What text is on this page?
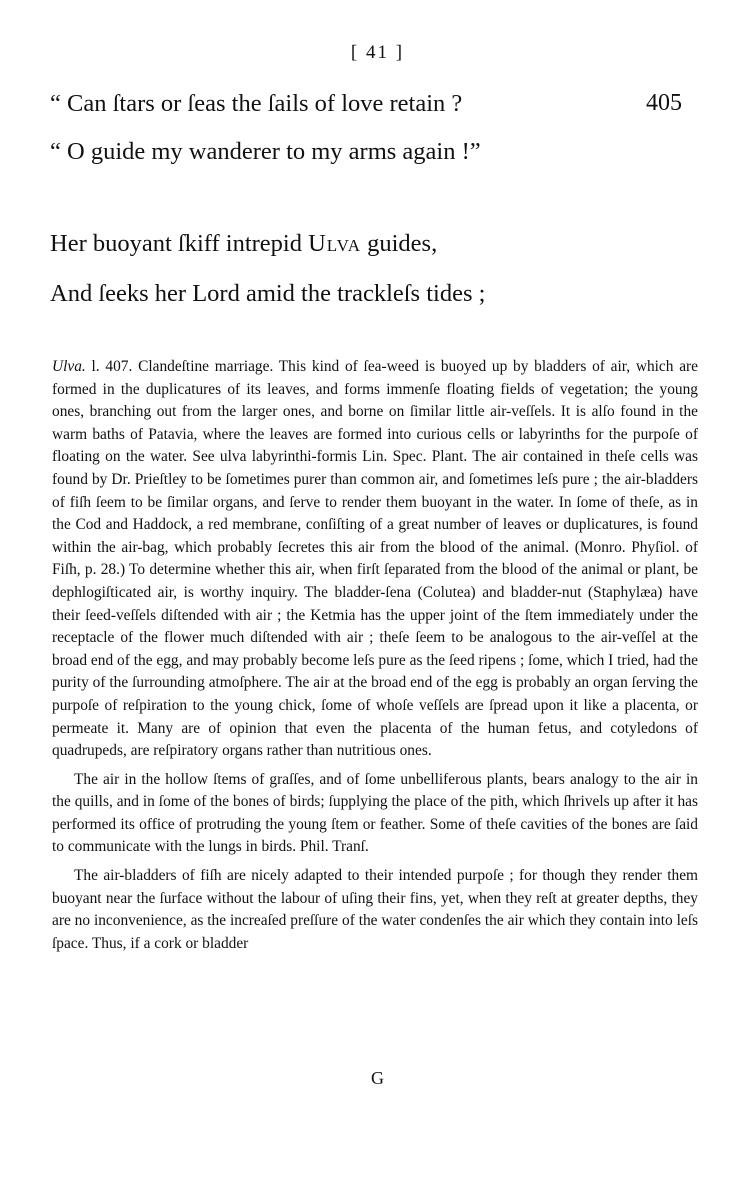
[ 41 ]
405
“ Can ſtars or ſeas the ſails of love retain ?
“ O guide my wanderer to my arms again !”
Her buoyant ſkiff intrepid Ulva guides,
And ſeeks her Lord amid the trackleſs tides ;

Ulva. l. 407. Clandeſtine marriage. This kind of ſea-weed is buoyed up by bladders of air, which are formed in the duplicatures of its leaves, and forms immenſe floating fields of vegetation; the young ones, branching out from the larger ones, and borne on ſimilar little air-veſſels. It is alſo found in the warm baths of Patavia, where the leaves are formed into curious cells or labyrinths for the purpoſe of floating on the water. See ulva labyrinthi-formis Lin. Spec. Plant. The air contained in theſe cells was found by Dr. Prieſtley to be ſometimes purer than common air, and ſometimes leſs pure ; the air-bladders of fiſh ſeem to be ſimilar organs, and ſerve to render them buoyant in the water. In ſome of theſe, as in the Cod and Haddock, a red membrane, conſiſting of a great number of leaves or duplicatures, is found within the air-bag, which probably ſecretes this air from the blood of the animal. (Monro. Phyſiol. of Fiſh, p. 28.) To determine whether this air, when firſt ſeparated from the blood of the animal or plant, be dephlogiſticated air, is worthy inquiry. The bladder-ſena (Colutea) and bladder-nut (Staphylæa) have their ſeed-veſſels diſtended with air ; the Ketmia has the upper joint of the ſtem immediately under the receptacle of the flower much diſtended with air ; theſe ſeem to be analogous to the air-veſſel at the broad end of the egg, and may probably become leſs pure as the ſeed ripens ; ſome, which I tried, had the purity of the ſurrounding atmoſphere. The air at the broad end of the egg is probably an organ ſerving the purpoſe of reſpiration to the young chick, ſome of whoſe veſſels are ſpread upon it like a placenta, or permeate it. Many are of opinion that even the placenta of the human fetus, and cotyledons of quadrupeds, are reſpiratory organs rather than nutritious ones.

The air in the hollow ſtems of graſſes, and of ſome unbelliferous plants, bears analogy to the air in the quills, and in ſome of the bones of birds; ſupplying the place of the pith, which ſhrivels up after it has performed its office of protruding the young ſtem or feather. Some of theſe cavities of the bones are ſaid to communicate with the lungs in birds. Phil. Tranſ.

The air-bladders of fiſh are nicely adapted to their intended purpoſe ; for though they render them buoyant near the ſurface without the labour of uſing their fins, yet, when they reſt at greater depths, they are no inconvenience, as the increaſed preſſure of the water condenſes the air which they contain into leſs ſpace. Thus, if a cork or bladder

G
